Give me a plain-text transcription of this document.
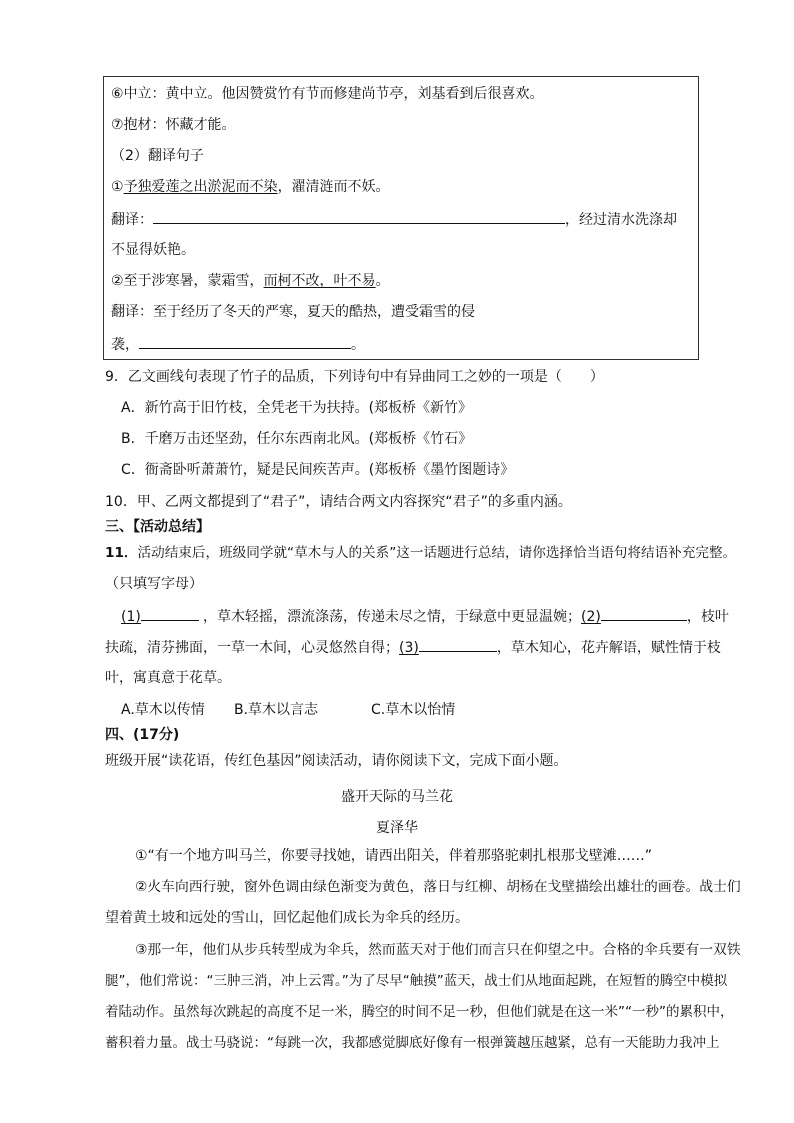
⑥中立：黄中立。他因赞赏竹有节而修建尚节亭，刘基看到后很喜欢。
⑦抱材：怀藏才能。
（2）翻译句子
①予独爱莲之出淤泥而不染，濯清涟而不妖。
翻译：	，经过清水洗涤却
不显得妖艳。
②至于涉寒暑，蒙霜雪，而柯不改，叶不易。
翻译：至于经历了冬天的严寒，夏天的酷热，遭受霜雪的侵
袭，	。
9．乙文画线句表现了竹子的品质，下列诗句中有异曲同工之妙的一项是（　　）
A．新竹高于旧竹枝，全凭老干为扶持。(郑板桥《新竹》
B．千磨万击还坚劲，任尔东西南北风。(郑板桥《竹石》
C．衙斋卧听萧萧竹，疑是民间疾苦声。(郑板桥《墨竹图题诗》
10．甲、乙两文都提到了“君子”，请结合两文内容探究“君子”的多重内涵。
三、【活动总结】
11．活动结束后，班级同学就“草木与人的关系”这一话题进行总结，请你选择恰当语句将结语补充完整。
（只填写字母）
(1)	，草木轻摇，漂流涤荡，传递未尽之情，于绿意中更显温婉；(2)	，枝叶
扶疏，清芬拂面，一草一木间，心灵悠然自得；(3)	，草木知心，花卉解语，赋性情于枝
叶，寓真意于花草。
A.草木以传情 B.草木以言志	C.草木以怡情
四、(17分)
班级开展“读花语，传红色基因”阅读活动，请你阅读下文，完成下面小题。
盛开天际的马兰花
夏泽华
①“有一个地方叫马兰，你要寻找她，请西出阳关，伴着那骆驼刺扎根那戈壁滩……”
②火车向西行驶，窗外色调由绿色渐变为黄色，落日与红柳、胡杨在戈壁描绘出雄壮的画卷。战士们
望着黄土坡和远处的雪山，回忆起他们成长为伞兵的经历。
③那一年，他们从步兵转型成为伞兵，然而蓝天对于他们而言只在仰望之中。合格的伞兵要有一双铁
腿”，他们常说：“三肿三消，冲上云霄。”为了尽早“触摸”蓝天，战士们从地面起跳，在短暂的腾空中模拟
着陆动作。虽然每次跳起的高度不足一米，腾空的时间不足一秒，但他们就是在这一米”“一秒”的累积中，
蓄积着力量。战士马骁说：“每跳一次，我都感觉脚底好像有一根弹簧越压越紧，总有一天能助力我冲上
